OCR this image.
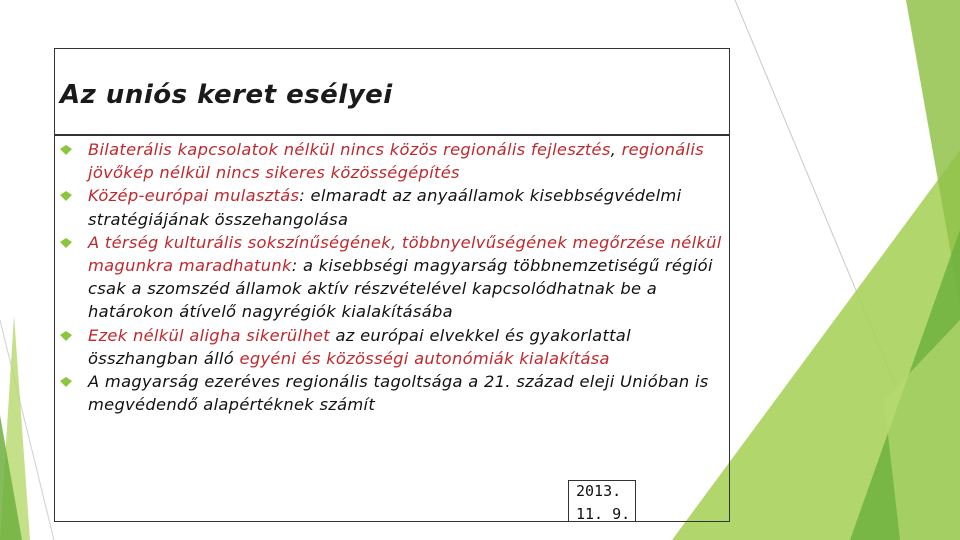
Az uniós keret esélyei
Bilaterális kapcsolatok nélkül nincs közös regionális fejlesztés, regionális jövőkép nélkül nincs sikeres közösségépítés
Közép-európai mulasztás: elmaradt az anyaállamok kisebbségvédelmi stratégiájának összehangolása
A térség kulturális sokszínűségének, többnyelvűségének megőrzése nélkül magunkra maradhatunk: a kisebbségi magyarság többnemzetiségű régiói csak a szomszéd államok aktív részvételével kapcsolódhatnak be a határokon átívelő nagyrégiók kialakításába
Ezek nélkül aligha sikerülhet az európai elvekkel és gyakorlattal összhangban álló egyéni és közösségi autonómiák kialakítása
A magyarság ezeréves regionális tagoltsága a 21. század eleji Unióban is megvédendő alapértéknek számít
2013.
11. 9.
